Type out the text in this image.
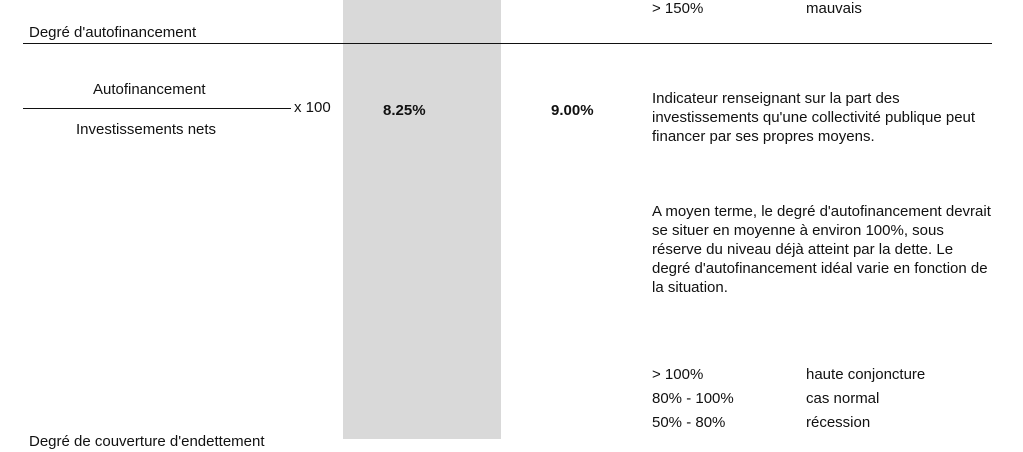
> 150%	mauvais
Degré d'autofinancement
Autofinancement
x 100
Investissements nets
8.25%	9.00%
Indicateur renseignant sur la part des investissements qu'une collectivité publique peut financer par ses propres moyens.
A moyen terme, le degré d'autofinancement devrait se situer en moyenne à environ 100%, sous réserve du niveau déjà atteint par la dette. Le degré d'autofinancement idéal varie en fonction de la situation.
> 100%	haute conjoncture
80% - 100%	cas normal
50% - 80%	récession
Degré de couverture d'endettement
